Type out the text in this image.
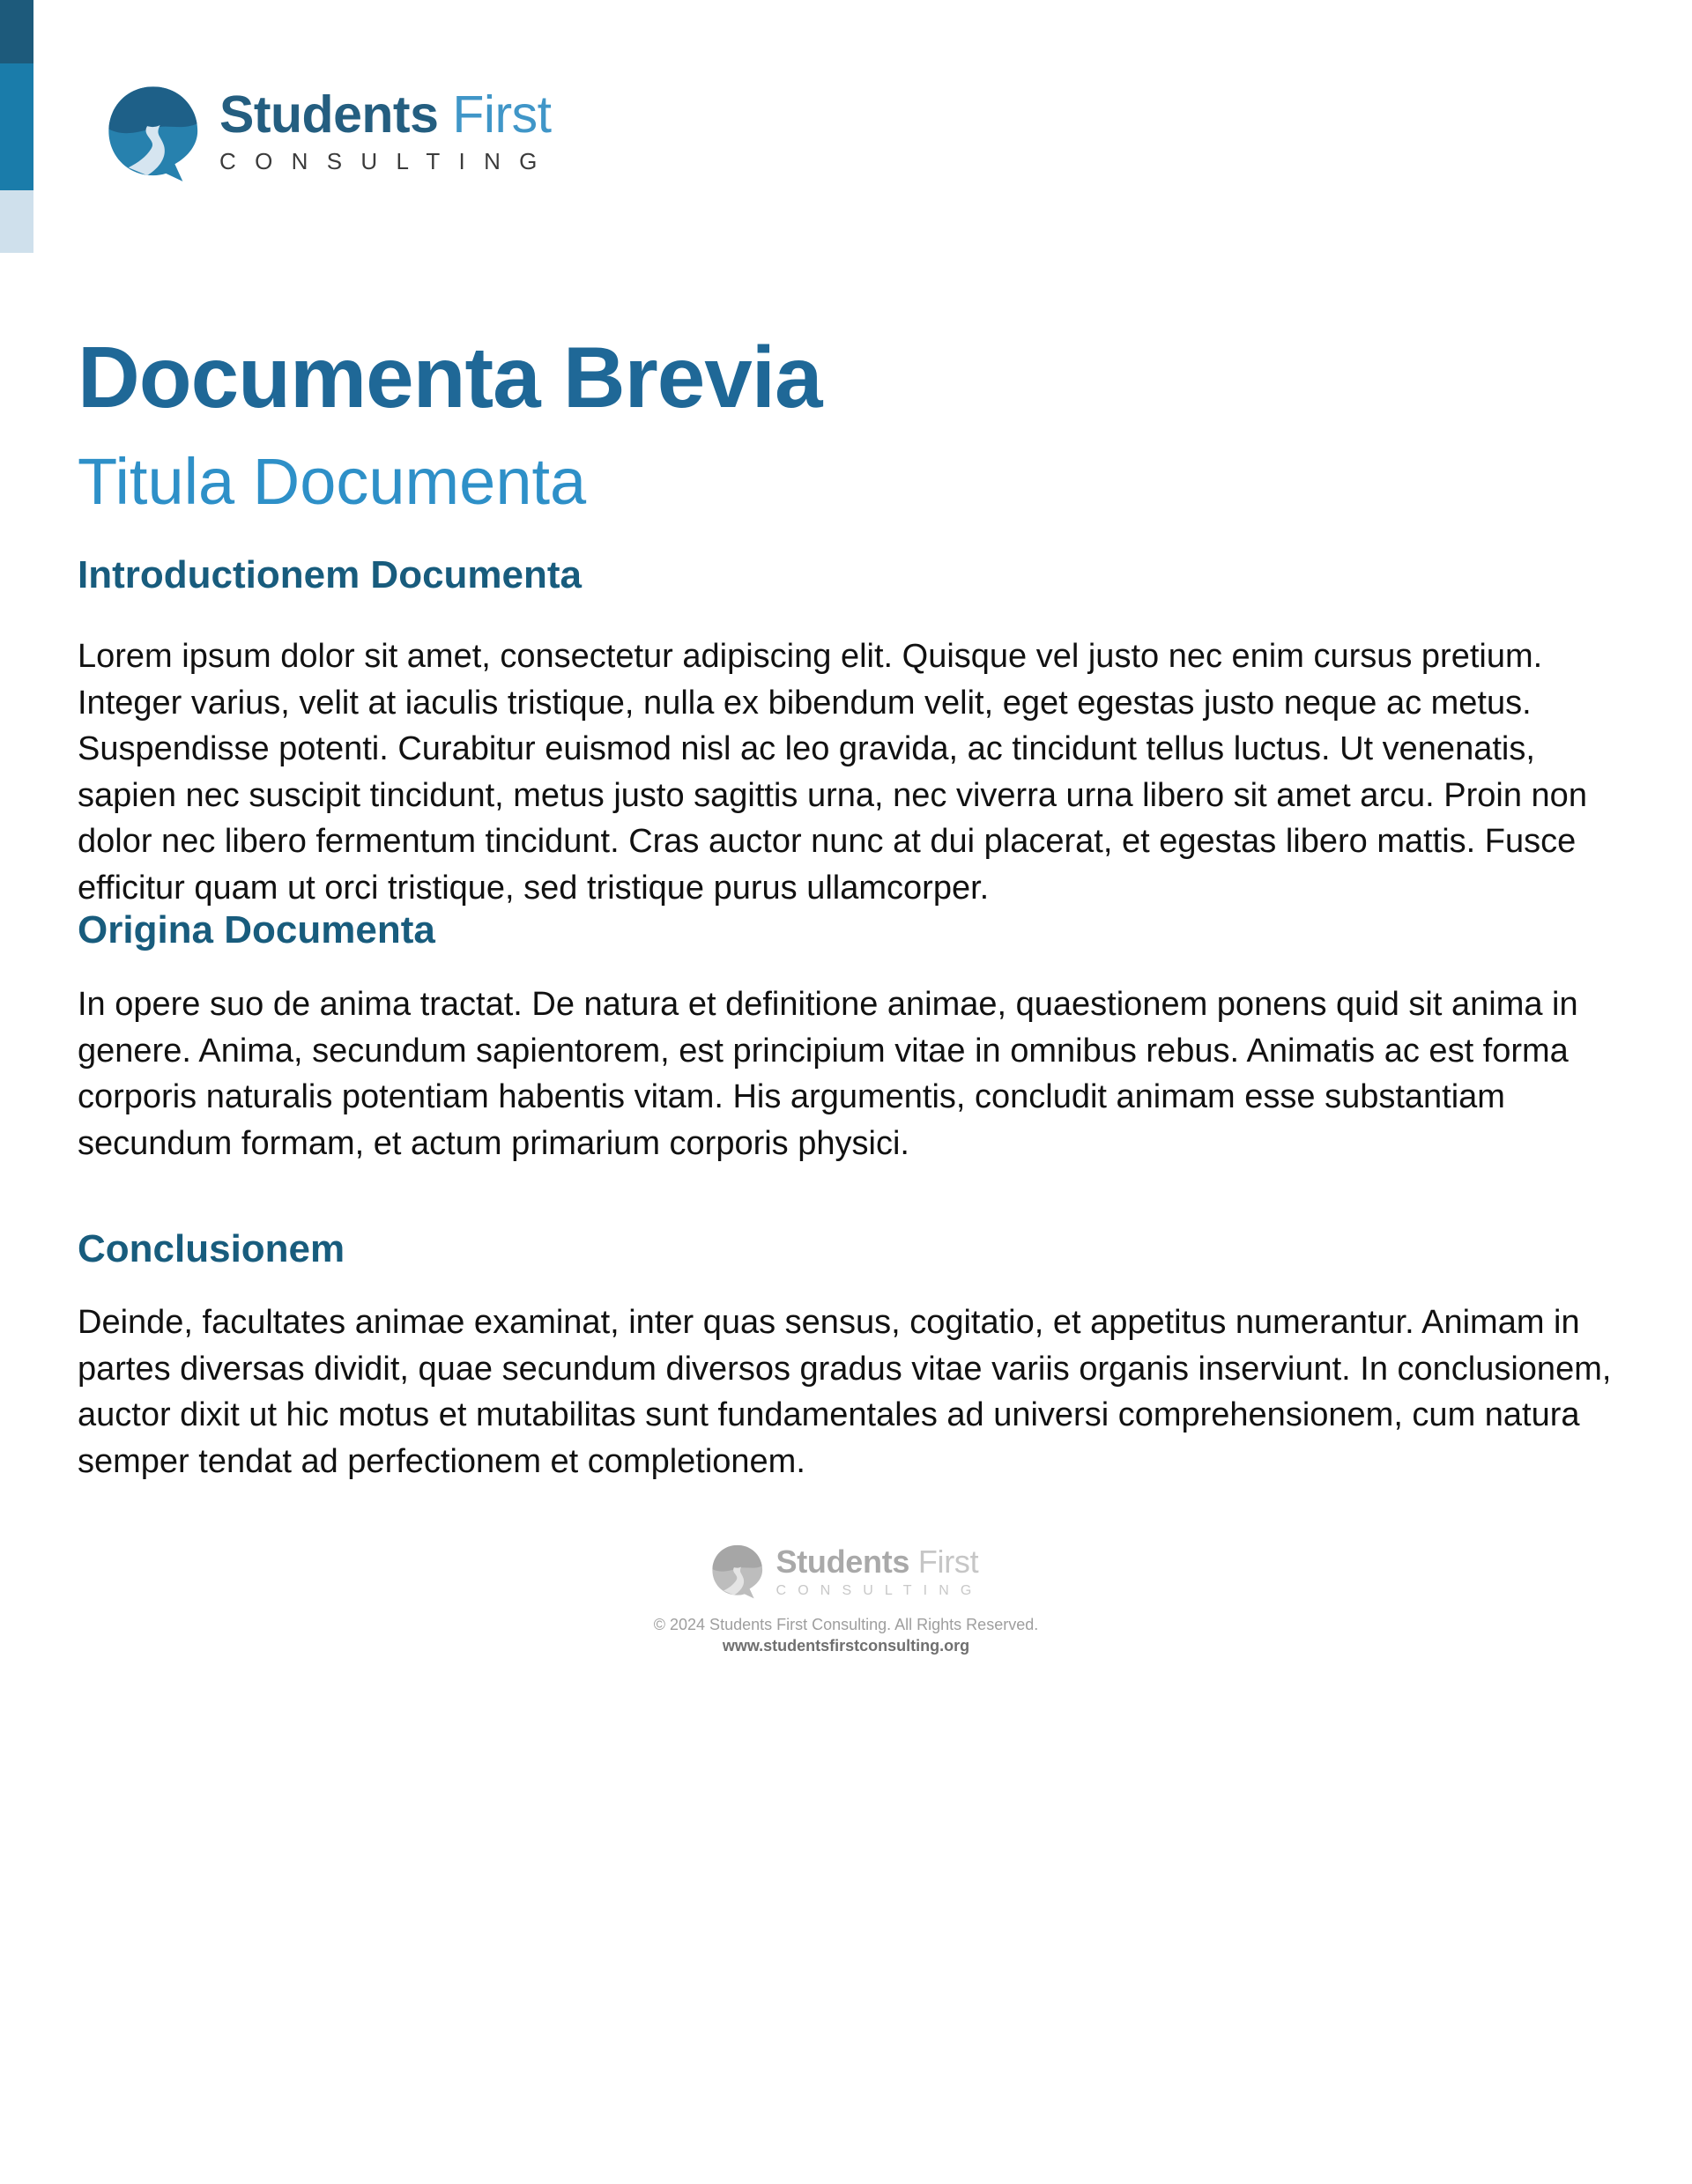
Students First
CONSULTING
Documenta Brevia
Titula Documenta
Introductionem Documenta

Lorem ipsum dolor sit amet, consectetur adipiscing elit. Quisque vel justo nec enim cursus pretium. Integer varius, velit at iaculis tristique, nulla ex bibendum velit, eget egestas justo neque ac metus. Suspendisse potenti. Curabitur euismod nisl ac leo gravida, ac tincidunt tellus luctus. Ut venenatis, sapien nec suscipit tincidunt, metus justo sagittis urna, nec viverra urna libero sit amet arcu. Proin non dolor nec libero fermentum tincidunt. Cras auctor nunc at dui placerat, et egestas libero mattis. Fusce efficitur quam ut orci tristique, sed tristique purus ullamcorper.

Origina Documenta

In opere suo de anima tractat. De natura et definitione animae, quaestionem ponens quid sit anima in genere. Anima, secundum sapientorem, est principium vitae in omnibus rebus. Animatis ac est forma corporis naturalis potentiam habentis vitam. His argumentis, concludit animam esse substantiam secundum formam, et actum primarium corporis physici.

Conclusionem

Deinde, facultates animae examinat, inter quas sensus, cogitatio, et appetitus numerantur. Animam in partes diversas dividit, quae secundum diversos gradus vitae variis organis inserviunt. In conclusionem, auctor dixit ut hic motus et mutabilitas sunt fundamentales ad universi comprehensionem, cum natura semper tendat ad perfectionem et completionem.

Students First
CONSULTING
© 2024 Students First Consulting. All Rights Reserved.
www.studentsfirstconsulting.org
